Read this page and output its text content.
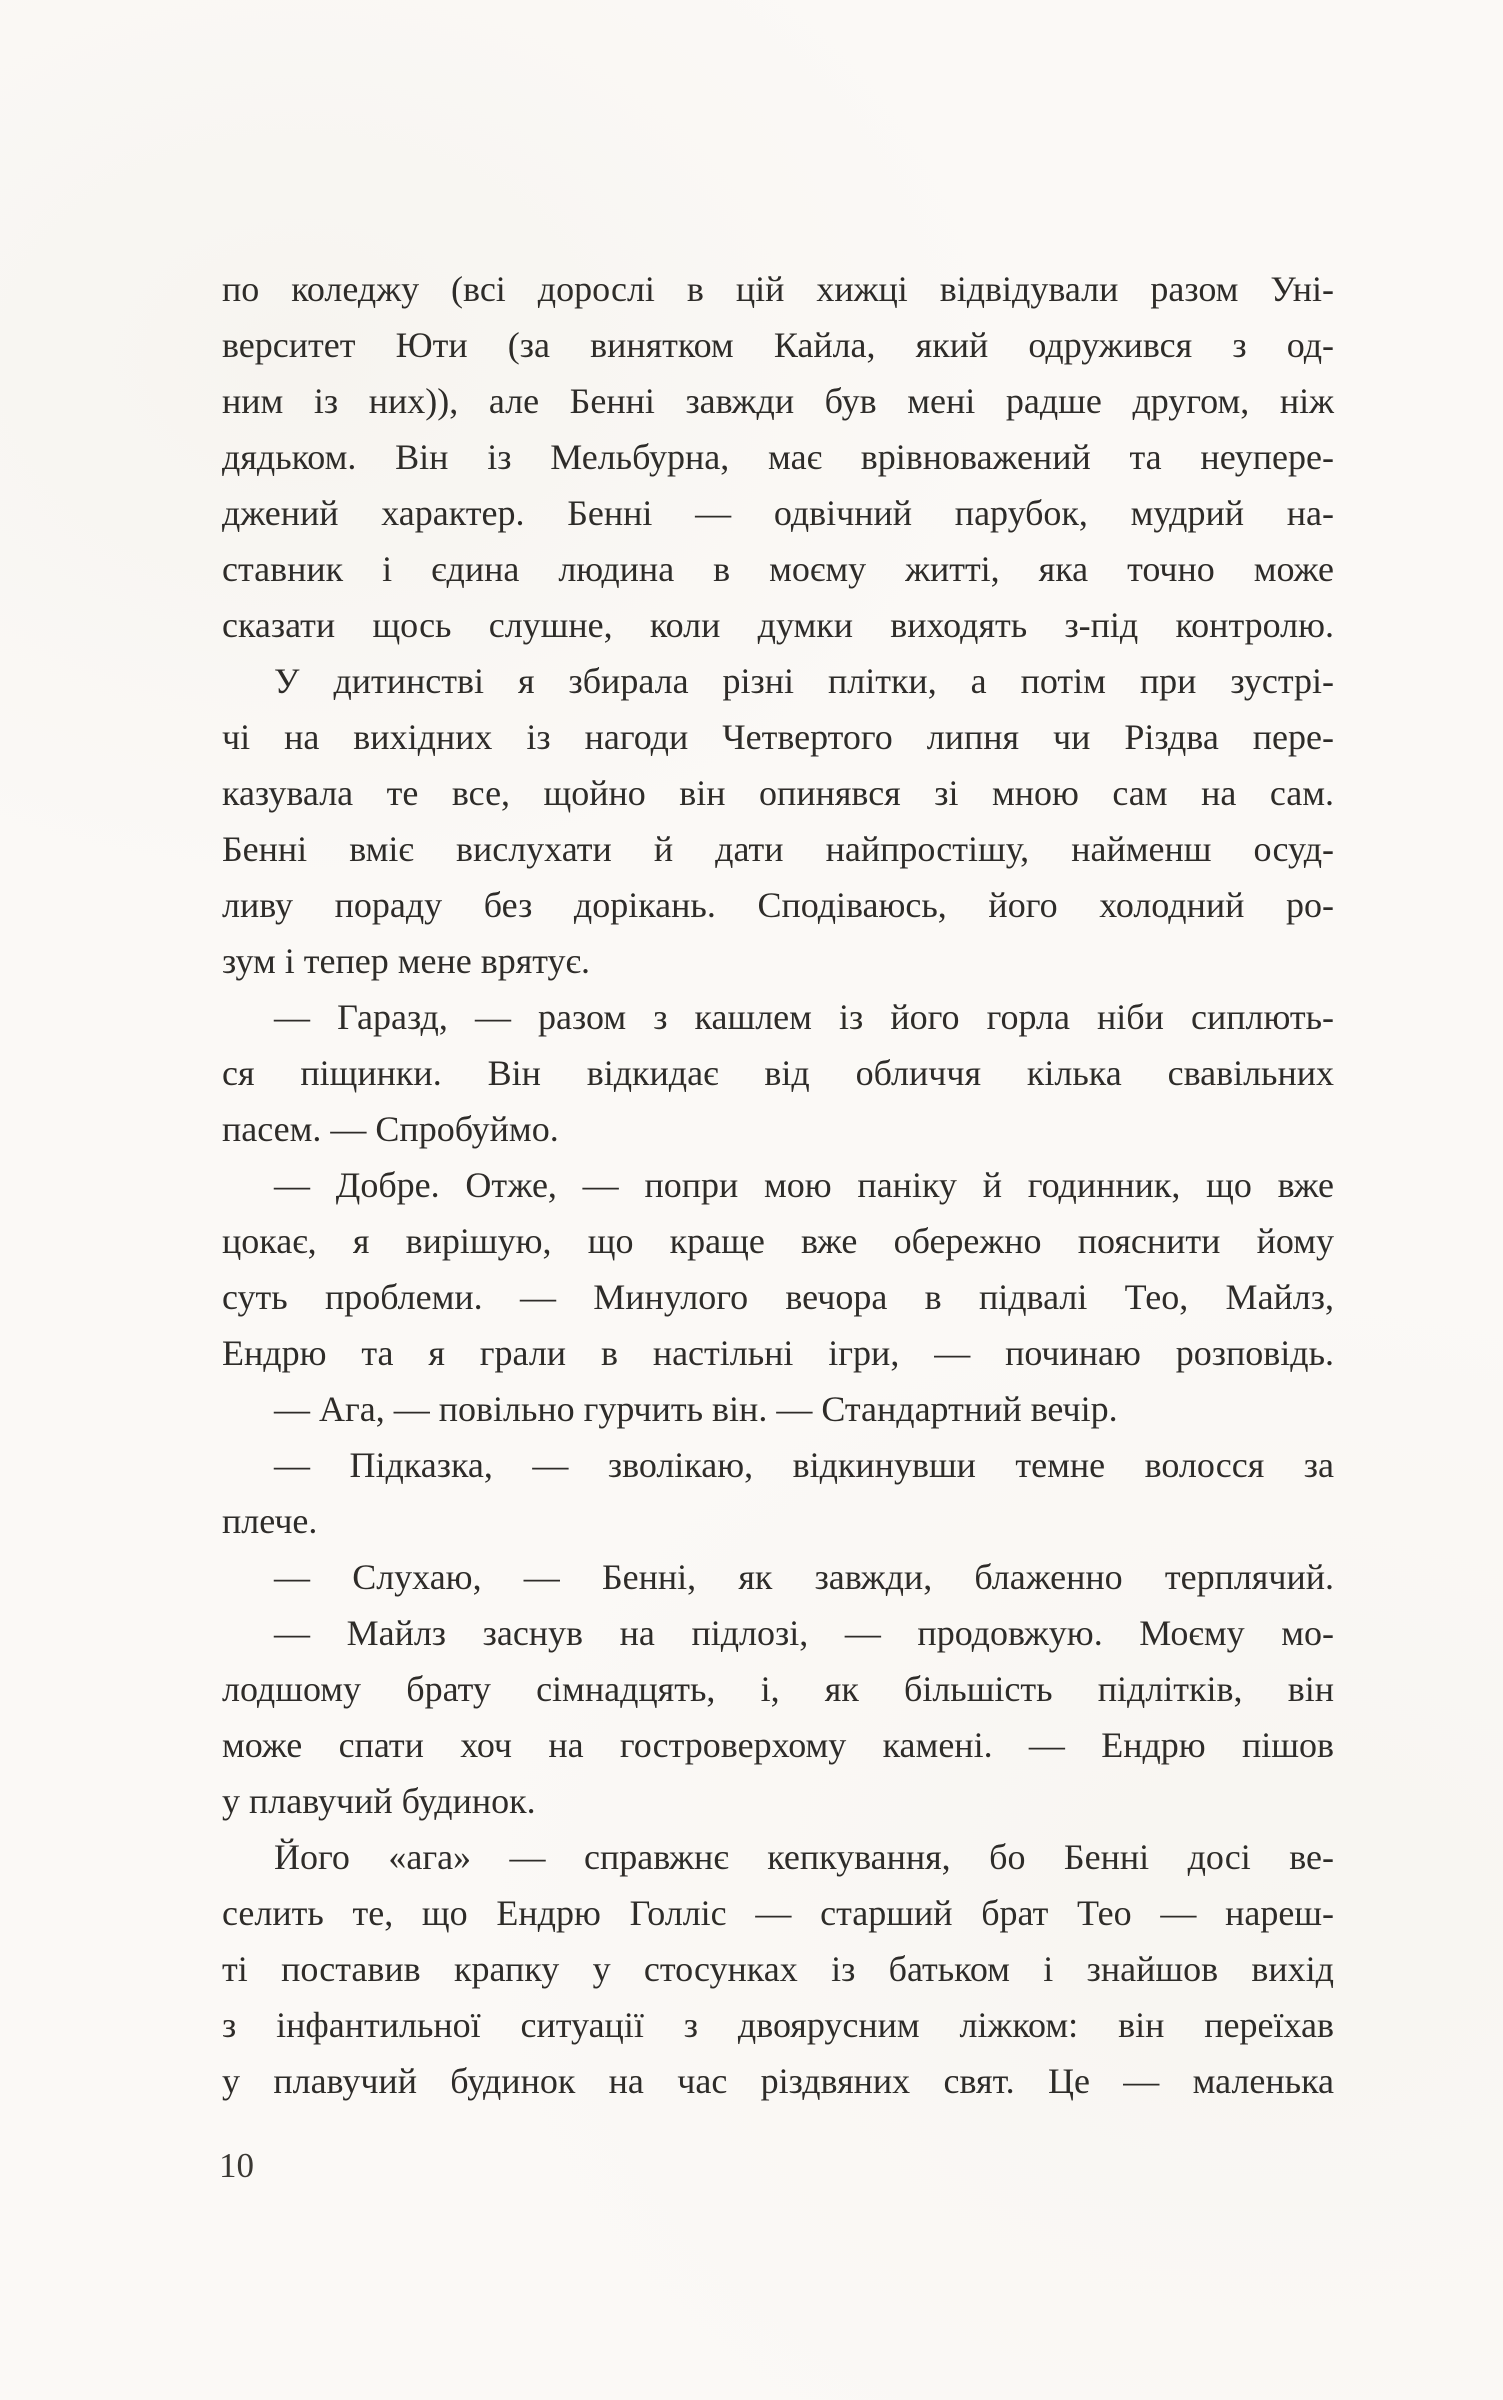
по коледжу (всі дорослі в цій хижці відвідували разом Уні-
верситет Юти (за винятком Кайла, який одружився з од-
ним із них)), але Бенні завжди був мені радше другом, ніж
дядьком. Він із Мельбурна, має врівноважений та неупере-
джений характер. Бенні — одвічний парубок, мудрий на-
ставник і єдина людина в моєму житті, яка точно може
сказати щось слушне, коли думки виходять з-під контролю.
У дитинстві я збирала різні плітки, а потім при зустрі-
чі на вихідних із нагоди Четвертого липня чи Різдва пере-
казувала те все, щойно він опинявся зі мною сам на сам.
Бенні вміє вислухати й дати найпростішу, найменш осуд-
ливу пораду без дорікань. Сподіваюсь, його холодний ро-
зум і тепер мене врятує.
— Гаразд, — разом з кашлем із його горла ніби сиплють-
ся піщинки. Він відкидає від обличчя кілька свавільних
пасем. — Спробуймо.
— Добре. Отже, — попри мою паніку й годинник, що вже
цокає, я вирішую, що краще вже обережно пояснити йому
суть проблеми. — Минулого вечора в підвалі Тео, Майлз,
Ендрю та я грали в настільні ігри, — починаю розповідь.
— Ага, — повільно гурчить він. — Стандартний вечір.
— Підказка, — зволікаю, відкинувши темне волосся за
плече.
— Слухаю, — Бенні, як завжди, блаженно терплячий.
— Майлз заснув на підлозі, — продовжую. Моєму мо-
лодшому брату сімнадцять, і, як більшість підлітків, він
може спати хоч на гостроверхому камені. — Ендрю пішов
у плавучий будинок.
Його «ага» — справжнє кепкування, бо Бенні досі ве-
селить те, що Ендрю Голліс — старший брат Тео — нареш-
ті поставив крапку у стосунках із батьком і знайшов вихід
з інфантильної ситуації з двоярусним ліжком: він переїхав
у плавучий будинок на час різдвяних свят. Це — маленька
10
